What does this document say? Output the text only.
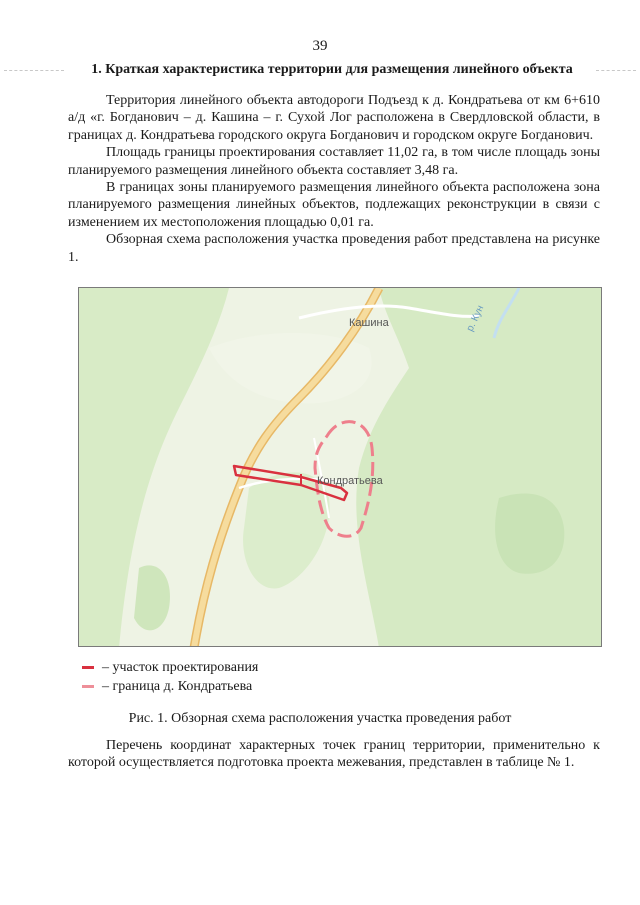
39
1. Краткая характеристика территории для размещения линейного объекта

Территория линейного объекта автодороги Подъезд к д. Кондратьева от км 6+610 а/д «г. Богданович – д. Кашина – г. Сухой Лог расположена в Свердловской области, в границах д. Кондратьева городского округа Богданович и городском округе Богданович.

Площадь границы проектирования составляет 11,02 га, в том числе площадь зоны планируемого размещения линейного объекта составляет 3,48 га.

В границах зоны планируемого размещения линейного объекта расположена зона планируемого размещения линейных объектов, подлежащих реконструкции в связи с изменением их местоположения площадью 0,01 га.

Обзорная схема расположения участка проведения работ представлена на рисунке 1.

Кашина
Кондратьева
р. Кун
– участок проектирования
– граница д. Кондратьева
Рис. 1. Обзорная схема расположения участка проведения работ

Перечень координат характерных точек границ территории, применительно к которой осуществляется подготовка проекта межевания, представлен в таблице № 1.
